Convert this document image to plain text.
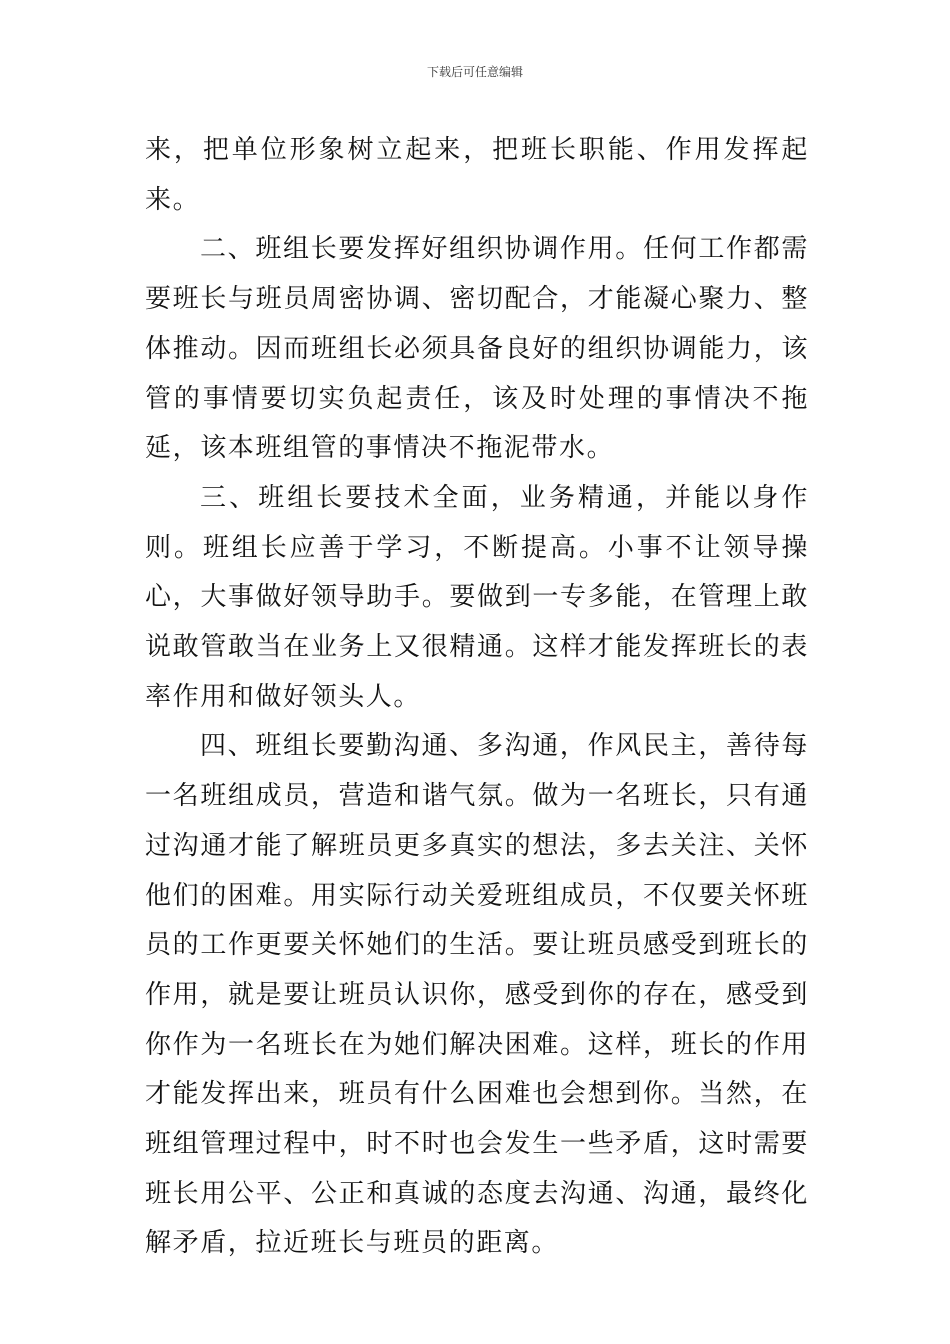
下载后可任意编辑

来，把单位形象树立起来，把班长职能、作用发挥起来。

二、班组长要发挥好组织协调作用。任何工作都需要班长与班员周密协调、密切配合，才能凝心聚力、整体推动。因而班组长必须具备良好的组织协调能力，该管的事情要切实负起责任，该及时处理的事情决不拖延，该本班组管的事情决不拖泥带水。

三、班组长要技术全面，业务精通，并能以身作则。班组长应善于学习，不断提高。小事不让领导操心，大事做好领导助手。要做到一专多能，在管理上敢说敢管敢当在业务上又很精通。这样才能发挥班长的表率作用和做好领头人。

四、班组长要勤沟通、多沟通，作风民主，善待每一名班组成员，营造和谐气氛。做为一名班长，只有通过沟通才能了解班员更多真实的想法，多去关注、关怀他们的困难。用实际行动关爱班组成员，不仅要关怀班员的工作更要关怀她们的生活。要让班员感受到班长的作用，就是要让班员认识你，感受到你的存在，感受到你作为一名班长在为她们解决困难。这样，班长的作用才能发挥出来，班员有什么困难也会想到你。当然，在班组管理过程中，时不时也会发生一些矛盾，这时需要班长用公平、公正和真诚的态度去沟通、沟通，最终化解矛盾，拉近班长与班员的距离。
